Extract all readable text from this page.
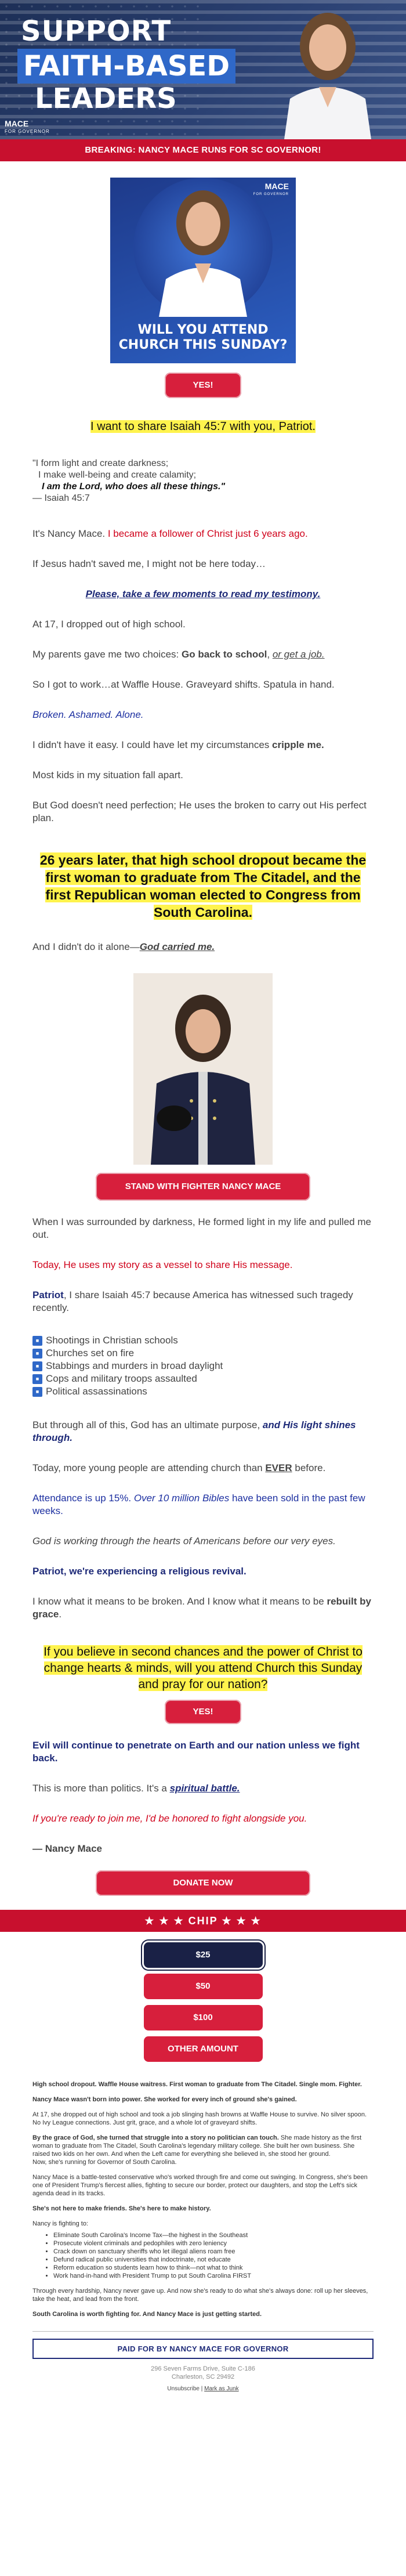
SUPPORT
FAITH-BASED
LEADERS
MACE
FOR GOVERNOR
BREAKING: NANCY MACE RUNS FOR SC GOVERNOR!
MACE
FOR GOVERNOR
WILL YOU ATTEND CHURCH THIS SUNDAY?
YES!
I want to share Isaiah 45:7 with you, Patriot.
"I form light and create darkness;
I make well-being and create calamity;
I am the Lord, who does all these things."
— Isaiah 45:7

It's Nancy Mace. I became a follower of Christ just 6 years ago.

If Jesus hadn't saved me, I might not be here today…

Please, take a few moments to read my testimony.

At 17, I dropped out of high school.

My parents gave me two choices: Go back to school, or get a job.

So I got to work…at Waffle House. Graveyard shifts. Spatula in hand.

Broken. Ashamed. Alone.

I didn't have it easy. I could have let my circumstances cripple me.

Most kids in my situation fall apart.

But God doesn't need perfection; He uses the broken to carry out His perfect plan.

26 years later, that high school dropout became the first woman to graduate from The Citadel, and the first Republican woman elected to Congress from South Carolina.

And I didn't do it alone—God carried me.

STAND WITH FIGHTER NANCY MACE

When I was surrounded by darkness, He formed light in my life and pulled me out.

Today, He uses my story as a vessel to share His message.

Patriot, I share Isaiah 45:7 because America has witnessed such tragedy recently.

■ Shootings in Christian schools
■ Churches set on fire
■ Stabbings and murders in broad daylight
■ Cops and military troops assaulted
■ Political assassinations

But through all of this, God has an ultimate purpose, and His light shines through.

Today, more young people are attending church than EVER before.

Attendance is up 15%. Over 10 million Bibles have been sold in the past few weeks.

God is working through the hearts of Americans before our very eyes.

Patriot, we're experiencing a religious revival.

I know what it means to be broken. And I know what it means to be rebuilt by grace.

If you believe in second chances and the power of Christ to change hearts & minds, will you attend Church this Sunday and pray for our nation?
YES!

Evil will continue to penetrate on Earth and our nation unless we fight back.

This is more than politics. It's a spiritual battle.

If you're ready to join me, I'd be honored to fight alongside you.

— Nancy Mace

DONATE NOW
★ ★ ★ CHIP ★ ★ ★
$25
$50
$100
OTHER AMOUNT

High school dropout. Waffle House waitress. First woman to graduate from The Citadel. Single mom. Fighter.

Nancy Mace wasn't born into power. She worked for every inch of ground she's gained.

At 17, she dropped out of high school and took a job slinging hash browns at Waffle House to survive. No silver spoon. No Ivy League connections. Just grit, grace, and a whole lot of graveyard shifts.

By the grace of God, she turned that struggle into a story no politician can touch. She made history as the first woman to graduate from The Citadel, South Carolina's legendary military college. She built her own business. She raised two kids on her own. And when the Left came for everything she believed in, she stood her ground.

Now, she's running for Governor of South Carolina.

Nancy Mace is a battle-tested conservative who's worked through fire and come out swinging. In Congress, she's been one of President Trump's fiercest allies, fighting to secure our border, protect our daughters, and stop the Left's sick agenda dead in its tracks.

She's not here to make friends. She's here to make history.

Nancy is fighting to:

• Eliminate South Carolina's Income Tax—the highest in the Southeast
• Prosecute violent criminals and pedophiles with zero leniency
• Crack down on sanctuary sheriffs who let illegal aliens roam free
• Defund radical public universities that indoctrinate, not educate
• Reform education so students learn how to think—not what to think
• Work hand-in-hand with President Trump to put South Carolina FIRST

Through every hardship, Nancy never gave up. And now she's ready to do what she's always done: roll up her sleeves, take the heat, and lead from the front.

South Carolina is worth fighting for. And Nancy Mace is just getting started.

PAID FOR BY NANCY MACE FOR GOVERNOR
296 Seven Farms Drive, Suite C-186
Charleston, SC 29492
Unsubscribe | Mark as Junk
